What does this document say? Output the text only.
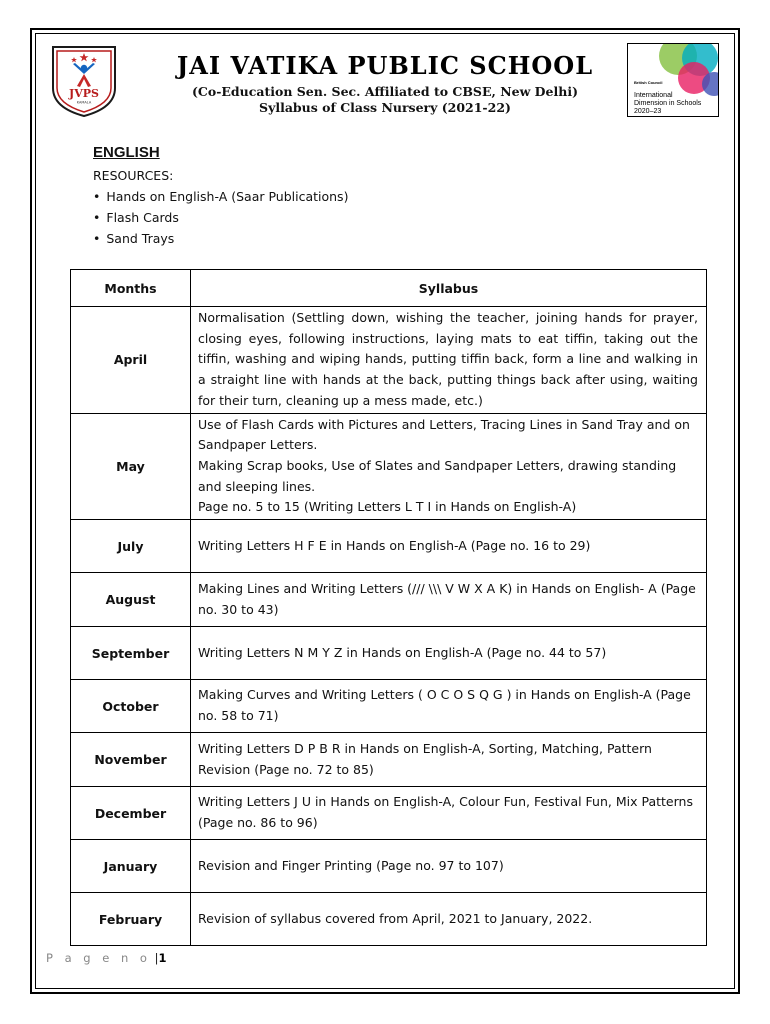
JVPS
KAMALA
British Council
International
Dimension in Schools
2020–23
JAI VATIKA PUBLIC SCHOOL
(Co-Education Sen. Sec. Affiliated to CBSE, New Delhi)
Syllabus of Class Nursery (2021-22)
ENGLISH
RESOURCES:
• Hands on English-A (Saar Publications)
• Flash Cards
• Sand Trays
Months	Syllabus
April	Normalisation (Settling down, wishing the teacher, joining hands for prayer, closing eyes, following instructions, laying mats to eat tiffin, taking out the tiffin, washing and wiping hands, putting tiffin back, form a line and walking in a straight line with hands at the back, putting things back after using, waiting for their turn, cleaning up a mess made, etc.)
May	Use of Flash Cards with Pictures and Letters, Tracing Lines in Sand Tray and on Sandpaper Letters.
Making Scrap books, Use of Slates and Sandpaper Letters, drawing standing and sleeping lines.
Page no. 5 to 15 (Writing Letters L T I in Hands on English-A)

July	Writing Letters H F E in Hands on English-A (Page no. 16 to 29)
August	Making Lines and Writing Letters (/// \\\ V W X A K) in Hands on English- A (Page no. 30 to 43)
September	Writing Letters N M Y Z in Hands on English-A (Page no. 44 to 57)
October	Making Curves and Writing Letters ( O C O S Q G ) in Hands on English-A (Page no. 58 to 71)
November	Writing Letters D P B R in Hands on English-A, Sorting, Matching, Pattern Revision (Page no. 72 to 85)
December	Writing Letters J U in Hands on English-A, Colour Fun, Festival Fun, Mix Patterns (Page no. 86 to 96)
January	Revision and Finger Printing (Page no. 97 to 107)
February	Revision of syllabus covered from April, 2021 to January, 2022.
P a g e n o |1
